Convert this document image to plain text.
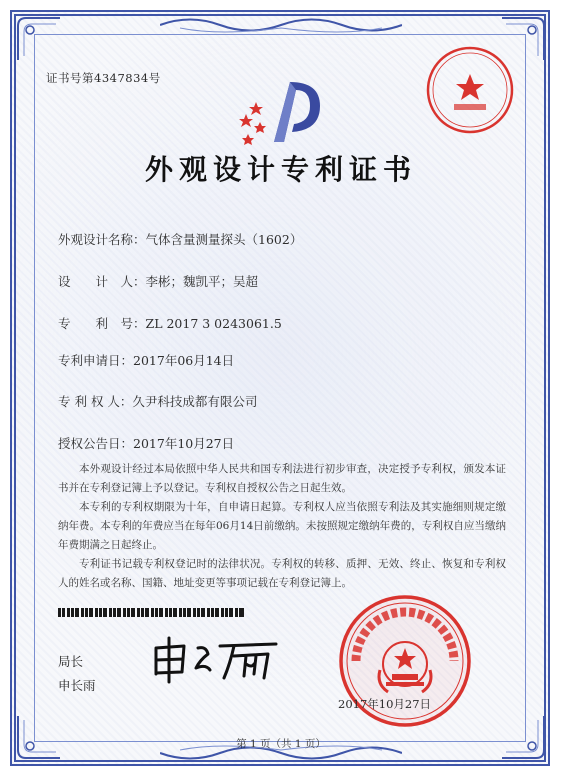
证书号第4347834号
外观设计专利证书
外观设计名称：气体含量测量探头（1602）
设　　计　人：李彬；魏凯平；吴超
专　　利　号：ZL 2017 3 0243061.5
专利申请日：2017年06月14日
专 利 权 人：久尹科技成都有限公司
授权公告日：2017年10月27日

本外观设计经过本局依照中华人民共和国专利法进行初步审查，决定授予专利权，颁发本证书并在专利登记簿上予以登记。专利权自授权公告之日起生效。

本专利的专利权期限为十年，自申请日起算。专利权人应当依照专利法及其实施细则规定缴纳年费。本专利的年费应当在每年06月14日前缴纳。未按照规定缴纳年费的，专利权自应当缴纳年费期满之日起终止。

专利证书记载专利权登记时的法律状况。专利权的转移、质押、无效、终止、恢复和专利权人的姓名或名称、国籍、地址变更等事项记载在专利登记簿上。

局长
申长雨
2017年10月27日
第 1 页（共 1 页）
